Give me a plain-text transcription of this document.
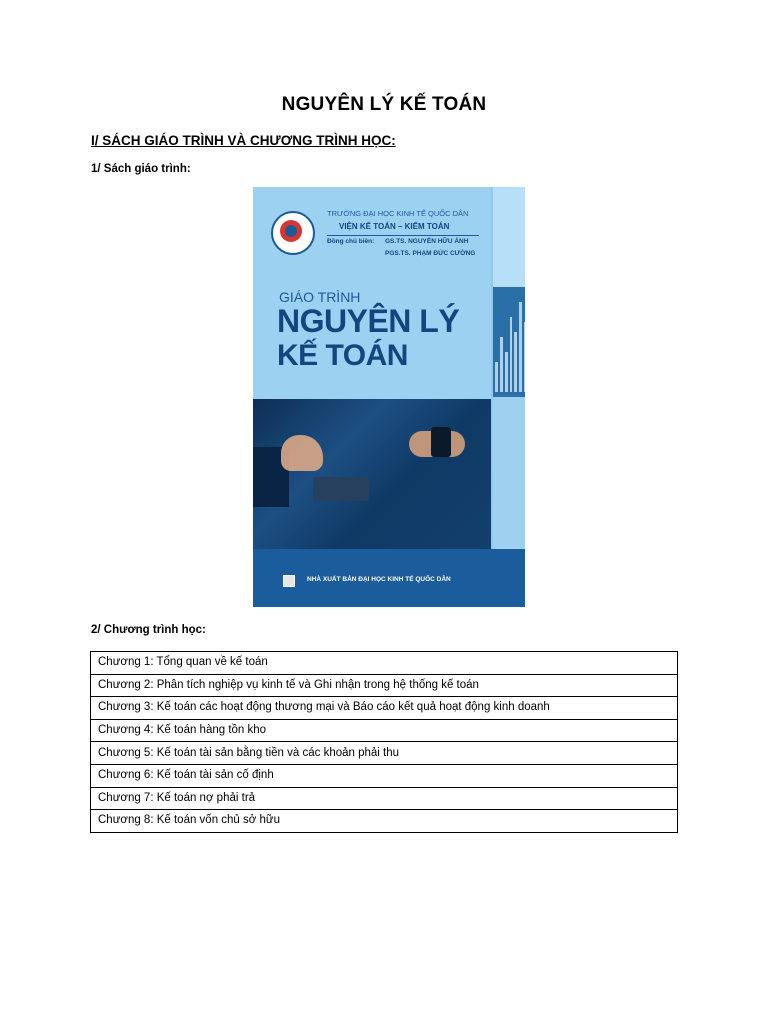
NGUYÊN LÝ KẾ TOÁN
I/ SÁCH GIÁO TRÌNH VÀ CHƯƠNG TRÌNH HỌC:
1/ Sách giáo trình:
TRƯỜNG ĐẠI HỌC KINH TẾ QUỐC DÂN
VIỆN KẾ TOÁN – KIỂM TOÁN
Đồng chủ biên: GS.TS. NGUYỄN HỮU ÁNH
PGS.TS. PHẠM ĐỨC CƯỜNG
GIÁO TRÌNH
NGUYÊN LÝ
KẾ TOÁN
NHÀ XUẤT BẢN ĐẠI HỌC KINH TẾ QUỐC DÂN
2/ Chương trình học:
Chương 1: Tổng quan về kế toán
Chương 2: Phân tích nghiệp vụ kinh tế và Ghi nhận trong hệ thống kế toán
Chương 3: Kế toán các hoạt động thương mại và Báo cáo kết quả hoạt động kinh doanh
Chương 4: Kế toán hàng tồn kho
Chương 5: Kế toán tài sản bằng tiền và các khoản phải thu
Chương 6: Kế toán tài sản cố định
Chương 7: Kế toán nợ phải trả
Chương 8: Kế toán vốn chủ sở hữu
